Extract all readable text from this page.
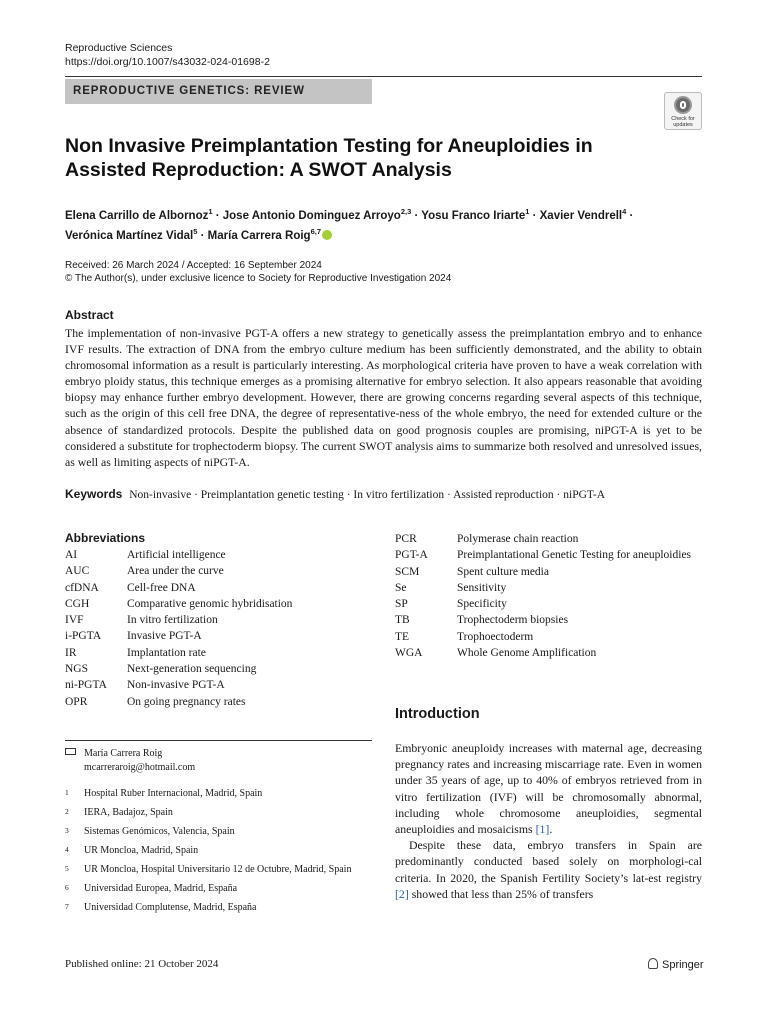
Reproductive Sciences
https://doi.org/10.1007/s43032-024-01698-2
REPRODUCTIVE GENETICS: REVIEW
Check for updates
Non Invasive Preimplantation Testing for Aneuploidies in Assisted Reproduction: A SWOT Analysis
Elena Carrillo de Albornoz$^1$ · Jose Antonio Dominguez Arroyo$^{2,3}$ · Yosu Franco Iriarte$^1$ · Xavier Vendrell$^4$ ·
Verónica Martínez Vidal$^5$ · María Carrera Roig$^{6,7}$
Received: 26 March 2024 / Accepted: 16 September 2024
© The Author(s), under exclusive licence to Society for Reproductive Investigation 2024
Abstract
The implementation of non-invasive PGT-A offers a new strategy to genetically assess the preimplantation embryo and to enhance IVF results. The extraction of DNA from the embryo culture medium has been sufficiently demonstrated, and the ability to obtain chromosomal information as a result is particularly interesting. As morphological criteria have proven to have a weak correlation with embryo ploidy status, this technique emerges as a promising alternative for embryo selection. It also appears reasonable that avoiding biopsy may enhance further embryo development. However, there are growing concerns regarding several aspects of this technique, such as the origin of this cell free DNA, the degree of representative-ness of the whole embryo, the need for extended culture or the absence of standardized protocols. Despite the published data on good prognosis couples are promising, niPGT-A is yet to be considered a substitute for trophectoderm biopsy. The current SWOT analysis aims to summarize both resolved and unresolved issues, as well as limiting aspects of niPGT-A.
Keywords Non-invasive · Preimplantation genetic testing · In vitro fertilization · Assisted reproduction · niPGT-A
Abbreviations
AI	Artificial intelligence
AUC	Area under the curve
cfDNA	Cell-free DNA
CGH	Comparative genomic hybridisation
IVF	In vitro fertilization
i-PGTA	Invasive PGT-A
IR	Implantation rate
NGS	Next-generation sequencing
ni-PGTA	Non-invasive PGT-A
OPR	On going pregnancy rates
PCR	Polymerase chain reaction
PGT-A	Preimplantational Genetic Testing for aneuploidies
SCM	Spent culture media
Se	Sensitivity
SP	Specificity
TB	Trophectoderm biopsies
TE	Trophoectoderm
WGA	Whole Genome Amplification
Introduction

Embryonic aneuploidy increases with maternal age, decreasing pregnancy rates and increasing miscarriage rate. Even in women under 35 years of age, up to 40% of embryos retrieved from in vitro fertilization (IVF) will be chromosomally abnormal, including whole chromosome aneuploidies, segmental aneuploidies and mosaicisms [1].

Despite these data, embryo transfers in Spain are predominantly conducted based solely on morphologi-cal criteria. In 2020, the Spanish Fertility Society’s lat-est registry [2] showed that less than 25% of transfers

María Carrera Roig
mcarreraroig@hotmail.com
1	Hospital Ruber Internacional, Madrid, Spain
2	IERA, Badajoz, Spain
3	Sistemas Genómicos, Valencia, Spain
4	UR Moncloa, Madrid, Spain
5	UR Moncloa, Hospital Universitario 12 de Octubre, Madrid, Spain
6	Universidad Europea, Madrid, España
7	Universidad Complutense, Madrid, España
Published online: 21 October 2024	Springer
